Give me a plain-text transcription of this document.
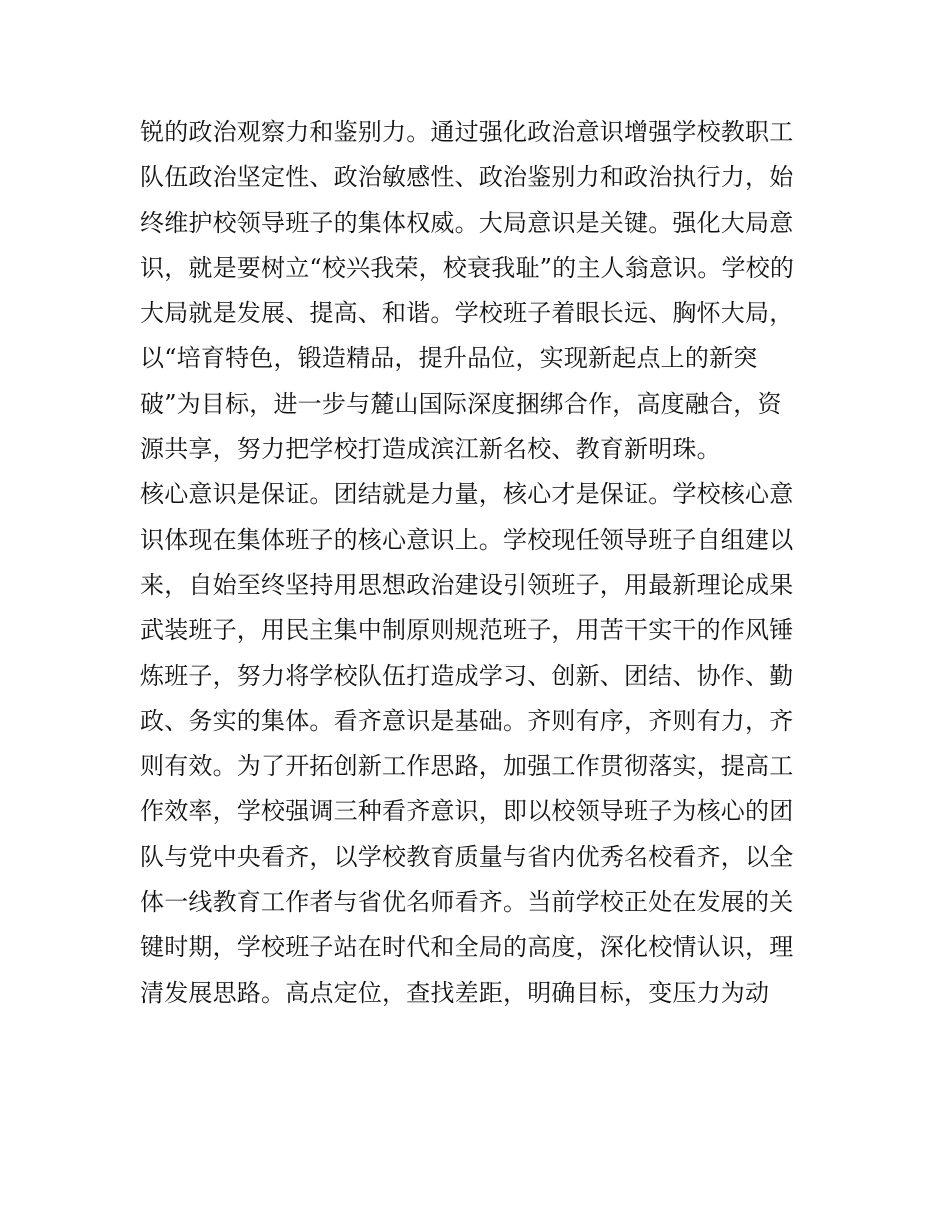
锐的政治观察力和鉴别力。通过强化政治意识增强学校教职工
队伍政治坚定性、政治敏感性、政治鉴别力和政治执行力，始
终维护校领导班子的集体权威。大局意识是关键。强化大局意
识，就是要树立“校兴我荣，校衰我耻”的主人翁意识。学校的
大局就是发展、提高、和谐。学校班子着眼长远、胸怀大局，
以“培育特色，锻造精品，提升品位，实现新起点上的新突
破”为目标，进一步与麓山国际深度捆绑合作，高度融合，资
源共享，努力把学校打造成滨江新名校、教育新明珠。
核心意识是保证。团结就是力量，核心才是保证。学校核心意
识体现在集体班子的核心意识上。学校现任领导班子自组建以
来，自始至终坚持用思想政治建设引领班子，用最新理论成果
武装班子，用民主集中制原则规范班子，用苦干实干的作风锤
炼班子，努力将学校队伍打造成学习、创新、团结、协作、勤
政、务实的集体。看齐意识是基础。齐则有序，齐则有力，齐
则有效。为了开拓创新工作思路，加强工作贯彻落实，提高工
作效率，学校强调三种看齐意识，即以校领导班子为核心的团
队与党中央看齐，以学校教育质量与省内优秀名校看齐，以全
体一线教育工作者与省优名师看齐。当前学校正处在发展的关
键时期，学校班子站在时代和全局的高度，深化校情认识，理
清发展思路。高点定位，查找差距，明确目标，变压力为动
